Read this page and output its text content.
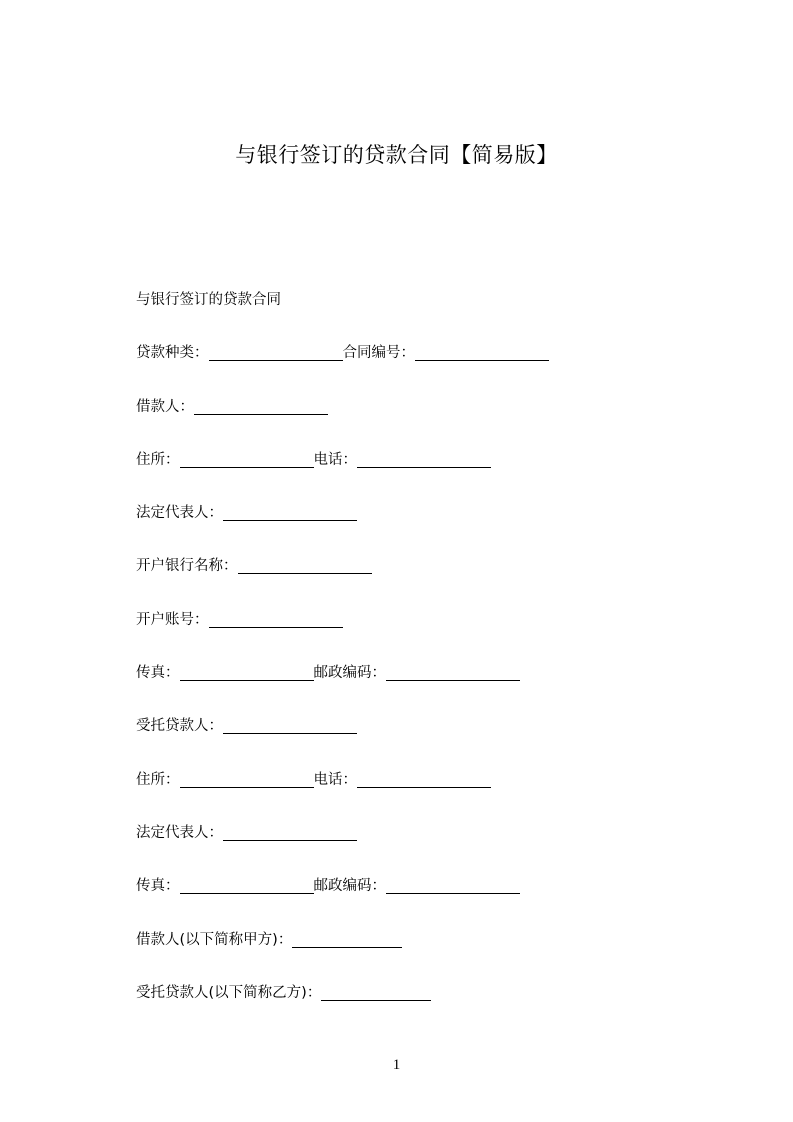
与银行签订的贷款合同【简易版】
与银行签订的贷款合同
贷款种类：	合同编号：
借款人：
住所：	电话：
法定代表人：
开户银行名称：
开户账号：
传真：	邮政编码：
受托贷款人：
住所：	电话：
法定代表人：
传真：	邮政编码：
借款人(以下简称甲方)：
受托贷款人(以下简称乙方)：
1
